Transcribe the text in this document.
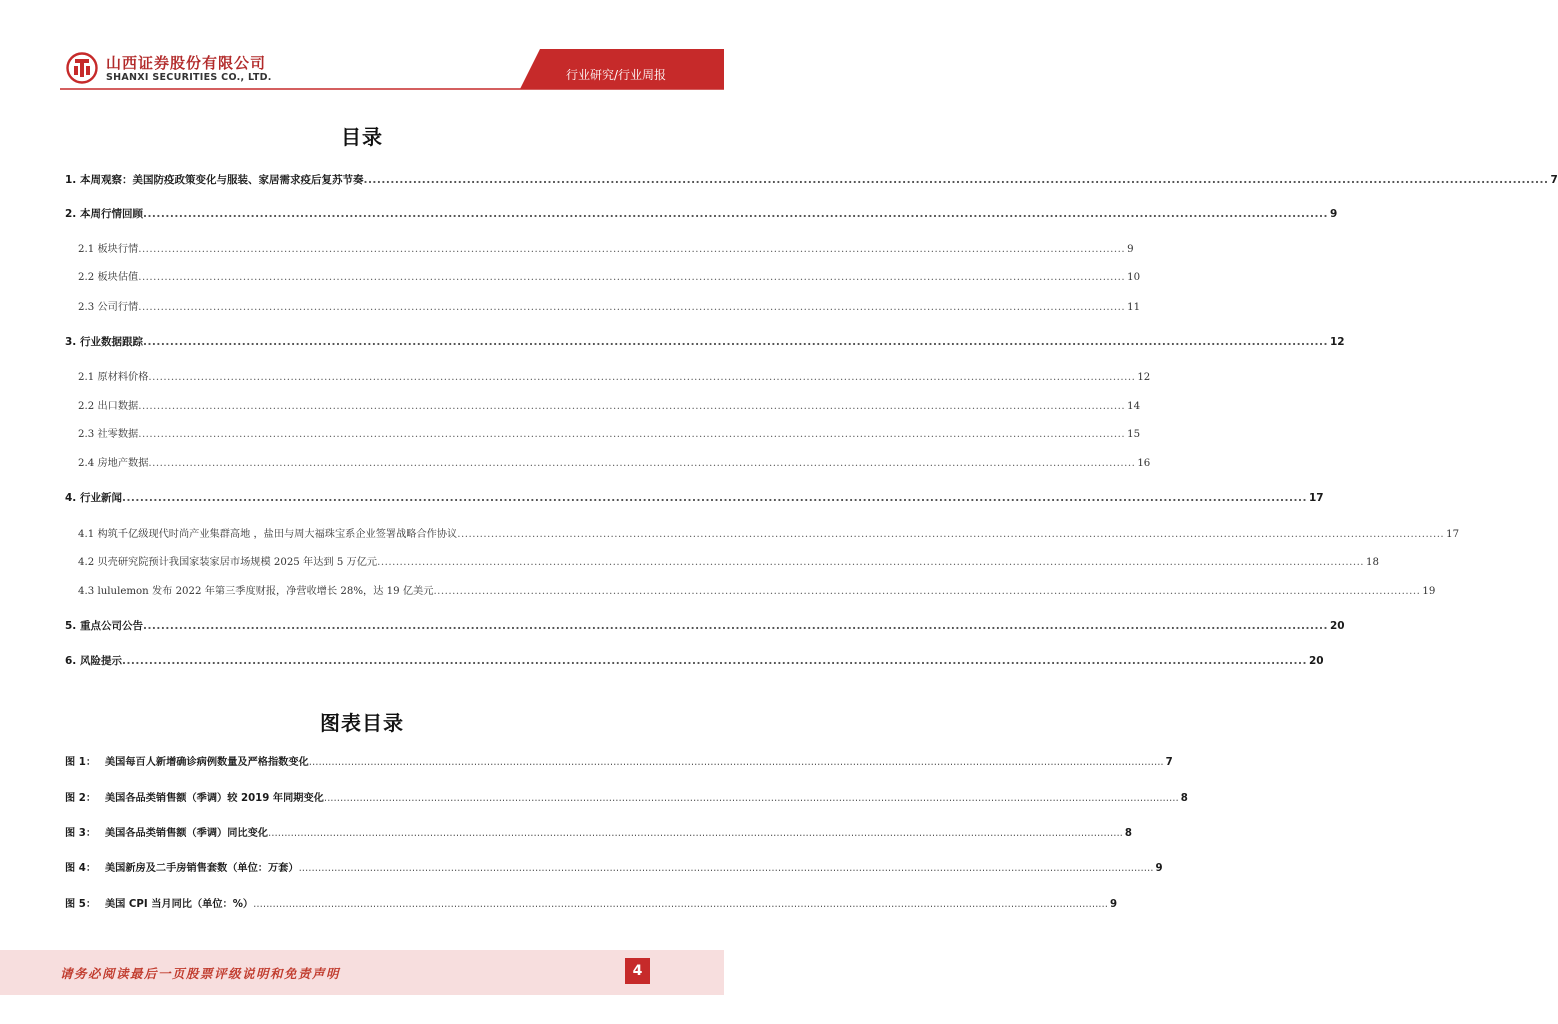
山西证券股份有限公司
SHANXI SECURITIES CO., LTD.	行业研究/行业周报
目录
1. 本周观察：美国防疫政策变化与服装、家居需求疫后复苏节奏 .....	7
2. 本周行情回顾 .....	9
2.1 板块行情 .....	9
2.2 板块估值 .....	10
2.3 公司行情 .....	11
3. 行业数据跟踪 .....	12
2.1 原材料价格 .....	12
2.2 出口数据 .....	14
2.3 社零数据 .....	15
2.4 房地产数据 .....	16
4. 行业新闻 .....	17
4.1 构筑千亿级现代时尚产业集群高地 ，盐田与周大福珠宝系企业签署战略合作协议 .....	17
4.2 贝壳研究院预计我国家装家居市场规模 2025 年达到 5 万亿元 .....	18
4.3 lululemon 发布 2022 年第三季度财报，净营收增长 28%，达 19 亿美元 .....	19
5. 重点公司公告 .....	20
6. 风险提示 .....	20
图表目录
图 1： 美国每百人新增确诊病例数量及严格指数变化 .....	7
图 2： 美国各品类销售额（季调）较 2019 年同期变化 .....	8
图 3： 美国各品类销售额（季调）同比变化 .....	8
图 4： 美国新房及二手房销售套数（单位：万套） .....	9
图 5： 美国 CPI 当月同比（单位：%） .....	9
请务必阅读最后一页股票评级说明和免责声明	4
